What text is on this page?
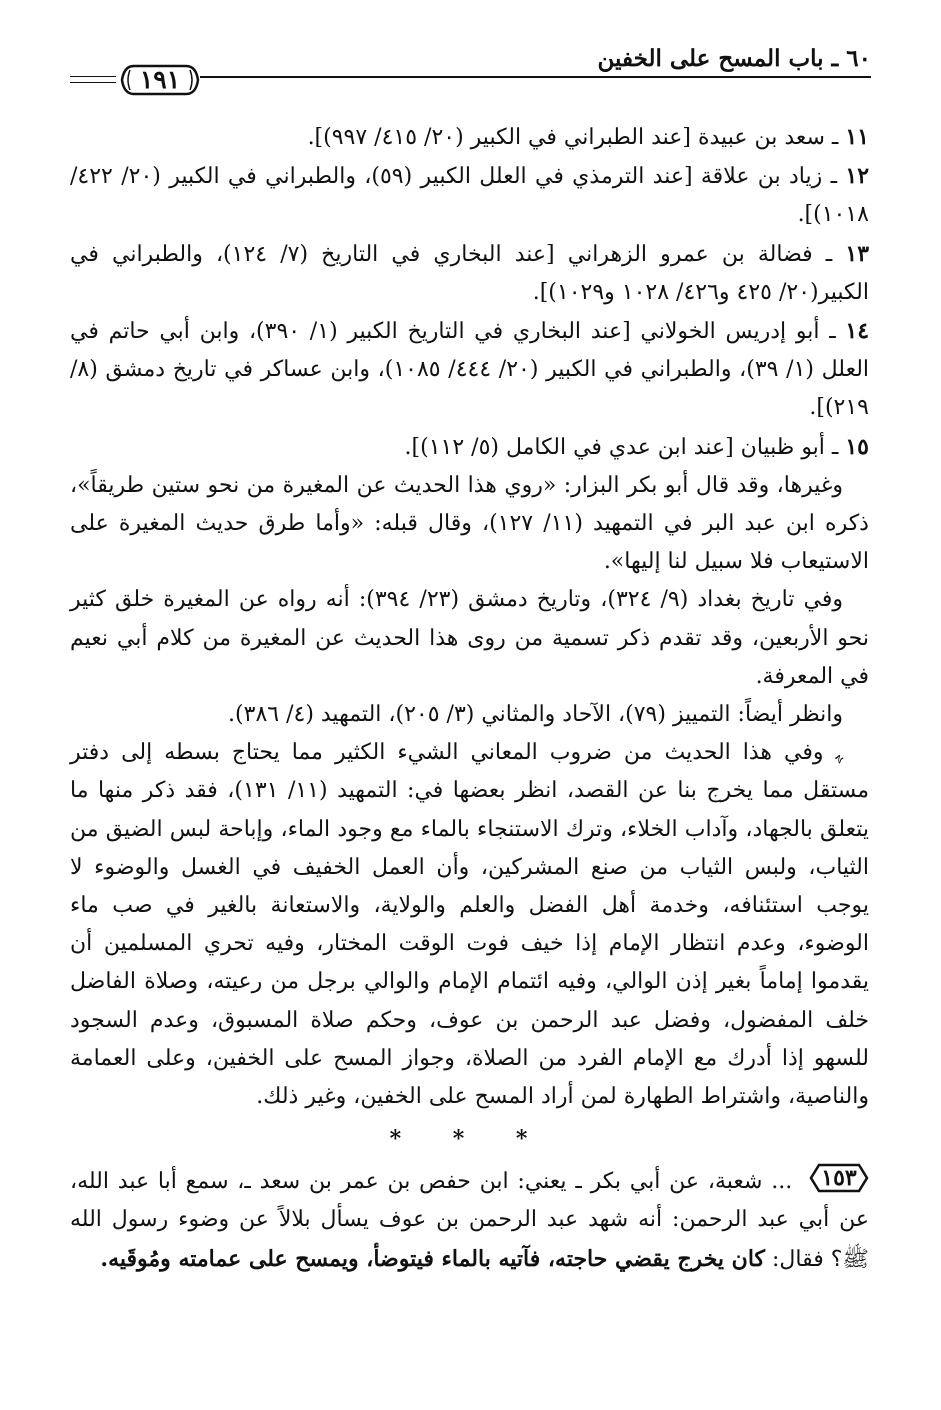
٦٠ ـ باب المسح على الخفين
١٩١

١١ ـ سعد بن عبيدة [عند الطبراني في الكبير (٢٠/ ٤١٥/ ٩٩٧)].

١٢ ـ زياد بن علاقة [عند الترمذي في العلل الكبير (٥٩)، والطبراني في الكبير (٢٠/ ٤٢٢/ ١٠١٨)].

١٣ ـ فضالة بن عمرو الزهراني [عند البخاري في التاريخ (٧/ ١٢٤)، والطبراني في الكبير(٢٠/ ٤٢٥ و٤٢٦/ ١٠٢٨ و١٠٢٩)].

١٤ ـ أبو إدريس الخولاني [عند البخاري في التاريخ الكبير (١/ ٣٩٠)، وابن أبي حاتم في العلل (١/ ٣٩)، والطبراني في الكبير (٢٠/ ٤٤٤/ ١٠٨٥)، وابن عساكر في تاريخ دمشق (٨/ ٢١٩)].

١٥ ـ أبو ظبيان [عند ابن عدي في الكامل (٥/ ١١٢)].

وغيرها، وقد قال أبو بكر البزار: «روي هذا الحديث عن المغيرة من نحو ستين طريقاً»، ذكره ابن عبد البر في التمهيد (١١/ ١٢٧)، وقال قبله: «وأما طرق حديث المغيرة على الاستيعاب فلا سبيل لنا إليها».

وفي تاريخ بغداد (٩/ ٣٢٤)، وتاريخ دمشق (٢٣/ ٣٩٤): أنه رواه عن المغيرة خلق كثير نحو الأربعين، وقد تقدم ذكر تسمية من روى هذا الحديث عن المغيرة من كلام أبي نعيم في المعرفة.

وانظر أيضاً: التمييز (٧٩)، الآحاد والمثاني (٣/ ٢٠٥)، التمهيد (٤/ ٣٨٦).

ﮩ وفي هذا الحديث من ضروب المعاني الشيء الكثير مما يحتاج بسطه إلى دفتر مستقل مما يخرج بنا عن القصد، انظر بعضها في: التمهيد (١١/ ١٣١)، فقد ذكر منها ما يتعلق بالجهاد، وآداب الخلاء، وترك الاستنجاء بالماء مع وجود الماء، وإباحة لبس الضيق من الثياب، ولبس الثياب من صنع المشركين، وأن العمل الخفيف في الغسل والوضوء لا يوجب استئنافه، وخدمة أهل الفضل والعلم والولاية، والاستعانة بالغير في صب ماء الوضوء، وعدم انتظار الإمام إذا خيف فوت الوقت المختار، وفيه تحري المسلمين أن يقدموا إماماً بغير إذن الوالي، وفيه ائتمام الإمام والوالي برجل من رعيته، وصلاة الفاضل خلف المفضول، وفضل عبد الرحمن بن عوف، وحكم صلاة المسبوق، وعدم السجود للسهو إذا أدرك مع الإمام الفرد من الصلاة، وجواز المسح على الخفين، وعلى العمامة والناصية، واشتراط الطهارة لمن أراد المسح على الخفين، وغير ذلك.

* * *

١٥٣
... شعبة، عن أبي بكر ـ يعني: ابن حفص بن عمر بن سعد ـ، سمع أبا عبد الله، عن أبي عبد الرحمن: أنه شهد عبد الرحمن بن عوف يسأل بلالاً عن وضوء رسول الله ﷺ؟ فقال: كان يخرج يقضي حاجته، فآتيه بالماء فيتوضأ، ويمسح على عمامته ومُوقَيه.
